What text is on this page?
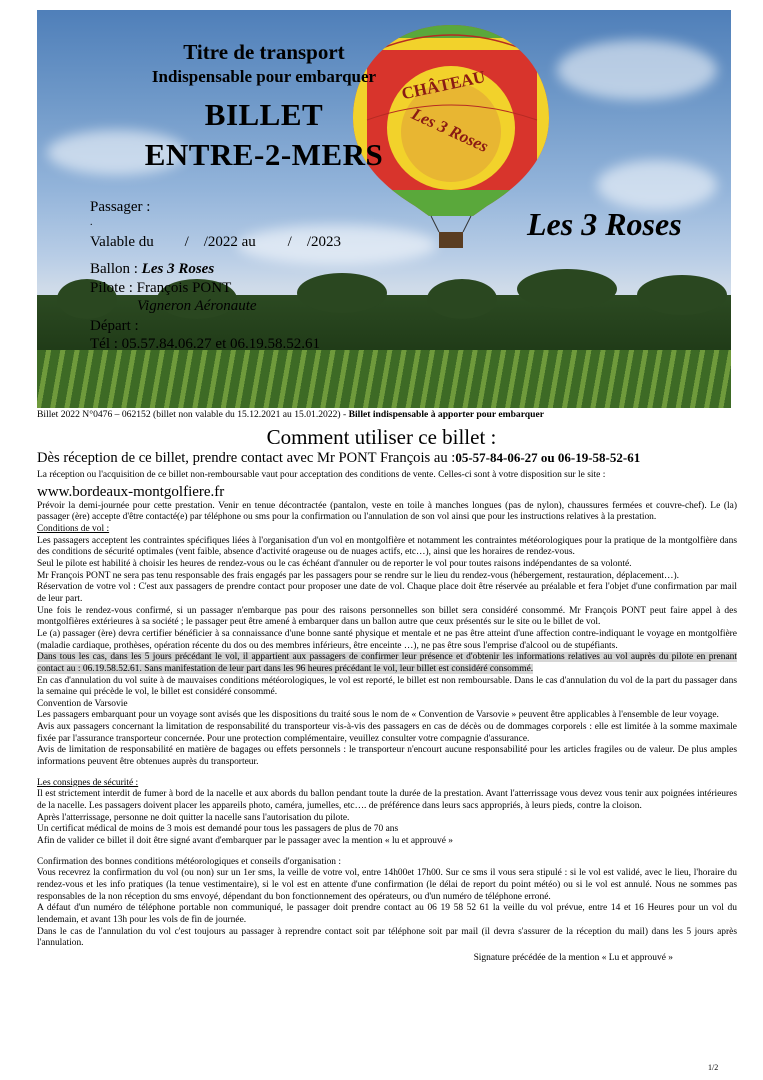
CHÂTEAU
Les 3 Roses
Titre de transport
Indispensable pour embarquer
BILLET
ENTRE-2-MERS
Les 3 Roses
Passager :
.
Valable du / /2022 au / /2023
Ballon : Les 3 Roses
Pilote : François PONT
Vigneron Aéronaute
Départ :
Tél : 05.57.84.06.27 et 06.19.58.52.61
Billet 2022 N°0476 – 062152 (billet non valable du 15.12.2021 au 15.01.2022) - Billet indispensable à apporter pour embarquer
Comment utiliser ce billet :
Dès réception de ce billet, prendre contact avec Mr PONT François au :05-57-84-06-27 ou 06-19-58-52-61

La réception ou l'acquisition de ce billet non-remboursable vaut pour acceptation des conditions de vente. Celles-ci sont à votre disposition sur le site :

www.bordeaux-montgolfiere.fr

Prévoir la demi-journée pour cette prestation. Venir en tenue décontractée (pantalon, veste en toile à manches longues (pas de nylon), chaussures fermées et couvre-chef). Le (la) passager (ère) accepte d'être contacté(e) par téléphone ou sms pour la confirmation ou l'annulation de son vol ainsi que pour les instructions relatives à la prestation.

Conditions de vol :

Les passagers acceptent les contraintes spécifiques liées à l'organisation d'un vol en montgolfière et notamment les contraintes météorologiques pour la pratique de la montgolfière dans des conditions de sécurité optimales (vent faible, absence d'activité orageuse ou de nuages actifs, etc…), ainsi que les horaires de rendez-vous.

Seul le pilote est habilité à choisir les heures de rendez-vous ou le cas échéant d'annuler ou de reporter le vol pour toutes raisons indépendantes de sa volonté.

Mr François PONT ne sera pas tenu responsable des frais engagés par les passagers pour se rendre sur le lieu du rendez-vous (hébergement, restauration, déplacement…).

Réservation de votre vol : C'est aux passagers de prendre contact pour proposer une date de vol. Chaque place doit être réservée au préalable et fera l'objet d'une confirmation par mail de leur part.

Une fois le rendez-vous confirmé, si un passager n'embarque pas pour des raisons personnelles son billet sera considéré consommé. Mr François PONT peut faire appel à des montgolfières extérieures à sa société ; le passager peut être amené à embarquer dans un ballon autre que ceux présentés sur le site ou le billet de vol.

Le (a) passager (ère) devra certifier bénéficier à sa connaissance d'une bonne santé physique et mentale et ne pas être atteint d'une affection contre-indiquant le voyage en montgolfière (maladie cardiaque, prothèses, opération récente du dos ou des membres inférieurs, être enceinte …), ne pas être sous l'emprise d'alcool ou de stupéfiants.

Dans tous les cas, dans les 5 jours précédant le vol, il appartient aux passagers de confirmer leur présence et d'obtenir les informations relatives au vol auprès du pilote en prenant contact au : 06.19.58.52.61. Sans manifestation de leur part dans les 96 heures précédant le vol, leur billet est considéré consommé.

En cas d'annulation du vol suite à de mauvaises conditions météorologiques, le vol est reporté, le billet est non remboursable. Dans le cas d'annulation du vol de la part du passager dans la semaine qui précède le vol, le billet est considéré consommé.

Convention de Varsovie

Les passagers embarquant pour un voyage sont avisés que les dispositions du traité sous le nom de « Convention de Varsovie » peuvent être applicables à l'ensemble de leur voyage.

Avis aux passagers concernant la limitation de responsabilité du transporteur vis-à-vis des passagers en cas de décès ou de dommages corporels : elle est limitée à la somme maximale fixée par l'assurance transporteur concernée. Pour une protection complémentaire, veuillez consulter votre compagnie d'assurance.

Avis de limitation de responsabilité en matière de bagages ou effets personnels : le transporteur n'encourt aucune responsabilité pour les articles fragiles ou de valeur. De plus amples informations peuvent être obtenues auprès du transporteur.

Les consignes de sécurité :

Il est strictement interdit de fumer à bord de la nacelle et aux abords du ballon pendant toute la durée de la prestation. Avant l'atterrissage vous devez vous tenir aux poignées intérieures de la nacelle. Les passagers doivent placer les appareils photo, caméra, jumelles, etc…. de préférence dans leurs sacs appropriés, à leurs pieds, contre la cloison.

Après l'atterrissage, personne ne doit quitter la nacelle sans l'autorisation du pilote.

Un certificat médical de moins de 3 mois est demandé pour tous les passagers de plus de 70 ans

Afin de valider ce billet il doit être signé avant d'embarquer par le passager avec la mention « lu et approuvé »

Confirmation des bonnes conditions météorologiques et conseils d'organisation :

Vous recevrez la confirmation du vol (ou non) sur un 1er sms, la veille de votre vol, entre 14h00et 17h00. Sur ce sms il vous sera stipulé : si le vol est validé, avec le lieu, l'horaire du rendez-vous et les info pratiques (la tenue vestimentaire), si le vol est en attente d'une confirmation (le délai de report du point météo) ou si le vol est annulé. Nous ne sommes pas responsables de la non réception du sms envoyé, dépendant du bon fonctionnement des opérateurs, ou d'un numéro de téléphone erroné.

A défaut d'un numéro de téléphone portable non communiqué, le passager doit prendre contact au 06 19 58 52 61 la veille du vol prévue, entre 14 et 16 Heures pour un vol du lendemain, et avant 13h pour les vols de fin de journée.

Dans le cas de l'annulation du vol c'est toujours au passager à reprendre contact soit par téléphone soit par mail (il devra s'assurer de la réception du mail) dans les 5 jours après l'annulation.

Signature précédée de la mention « Lu et approuvé »

1/2
